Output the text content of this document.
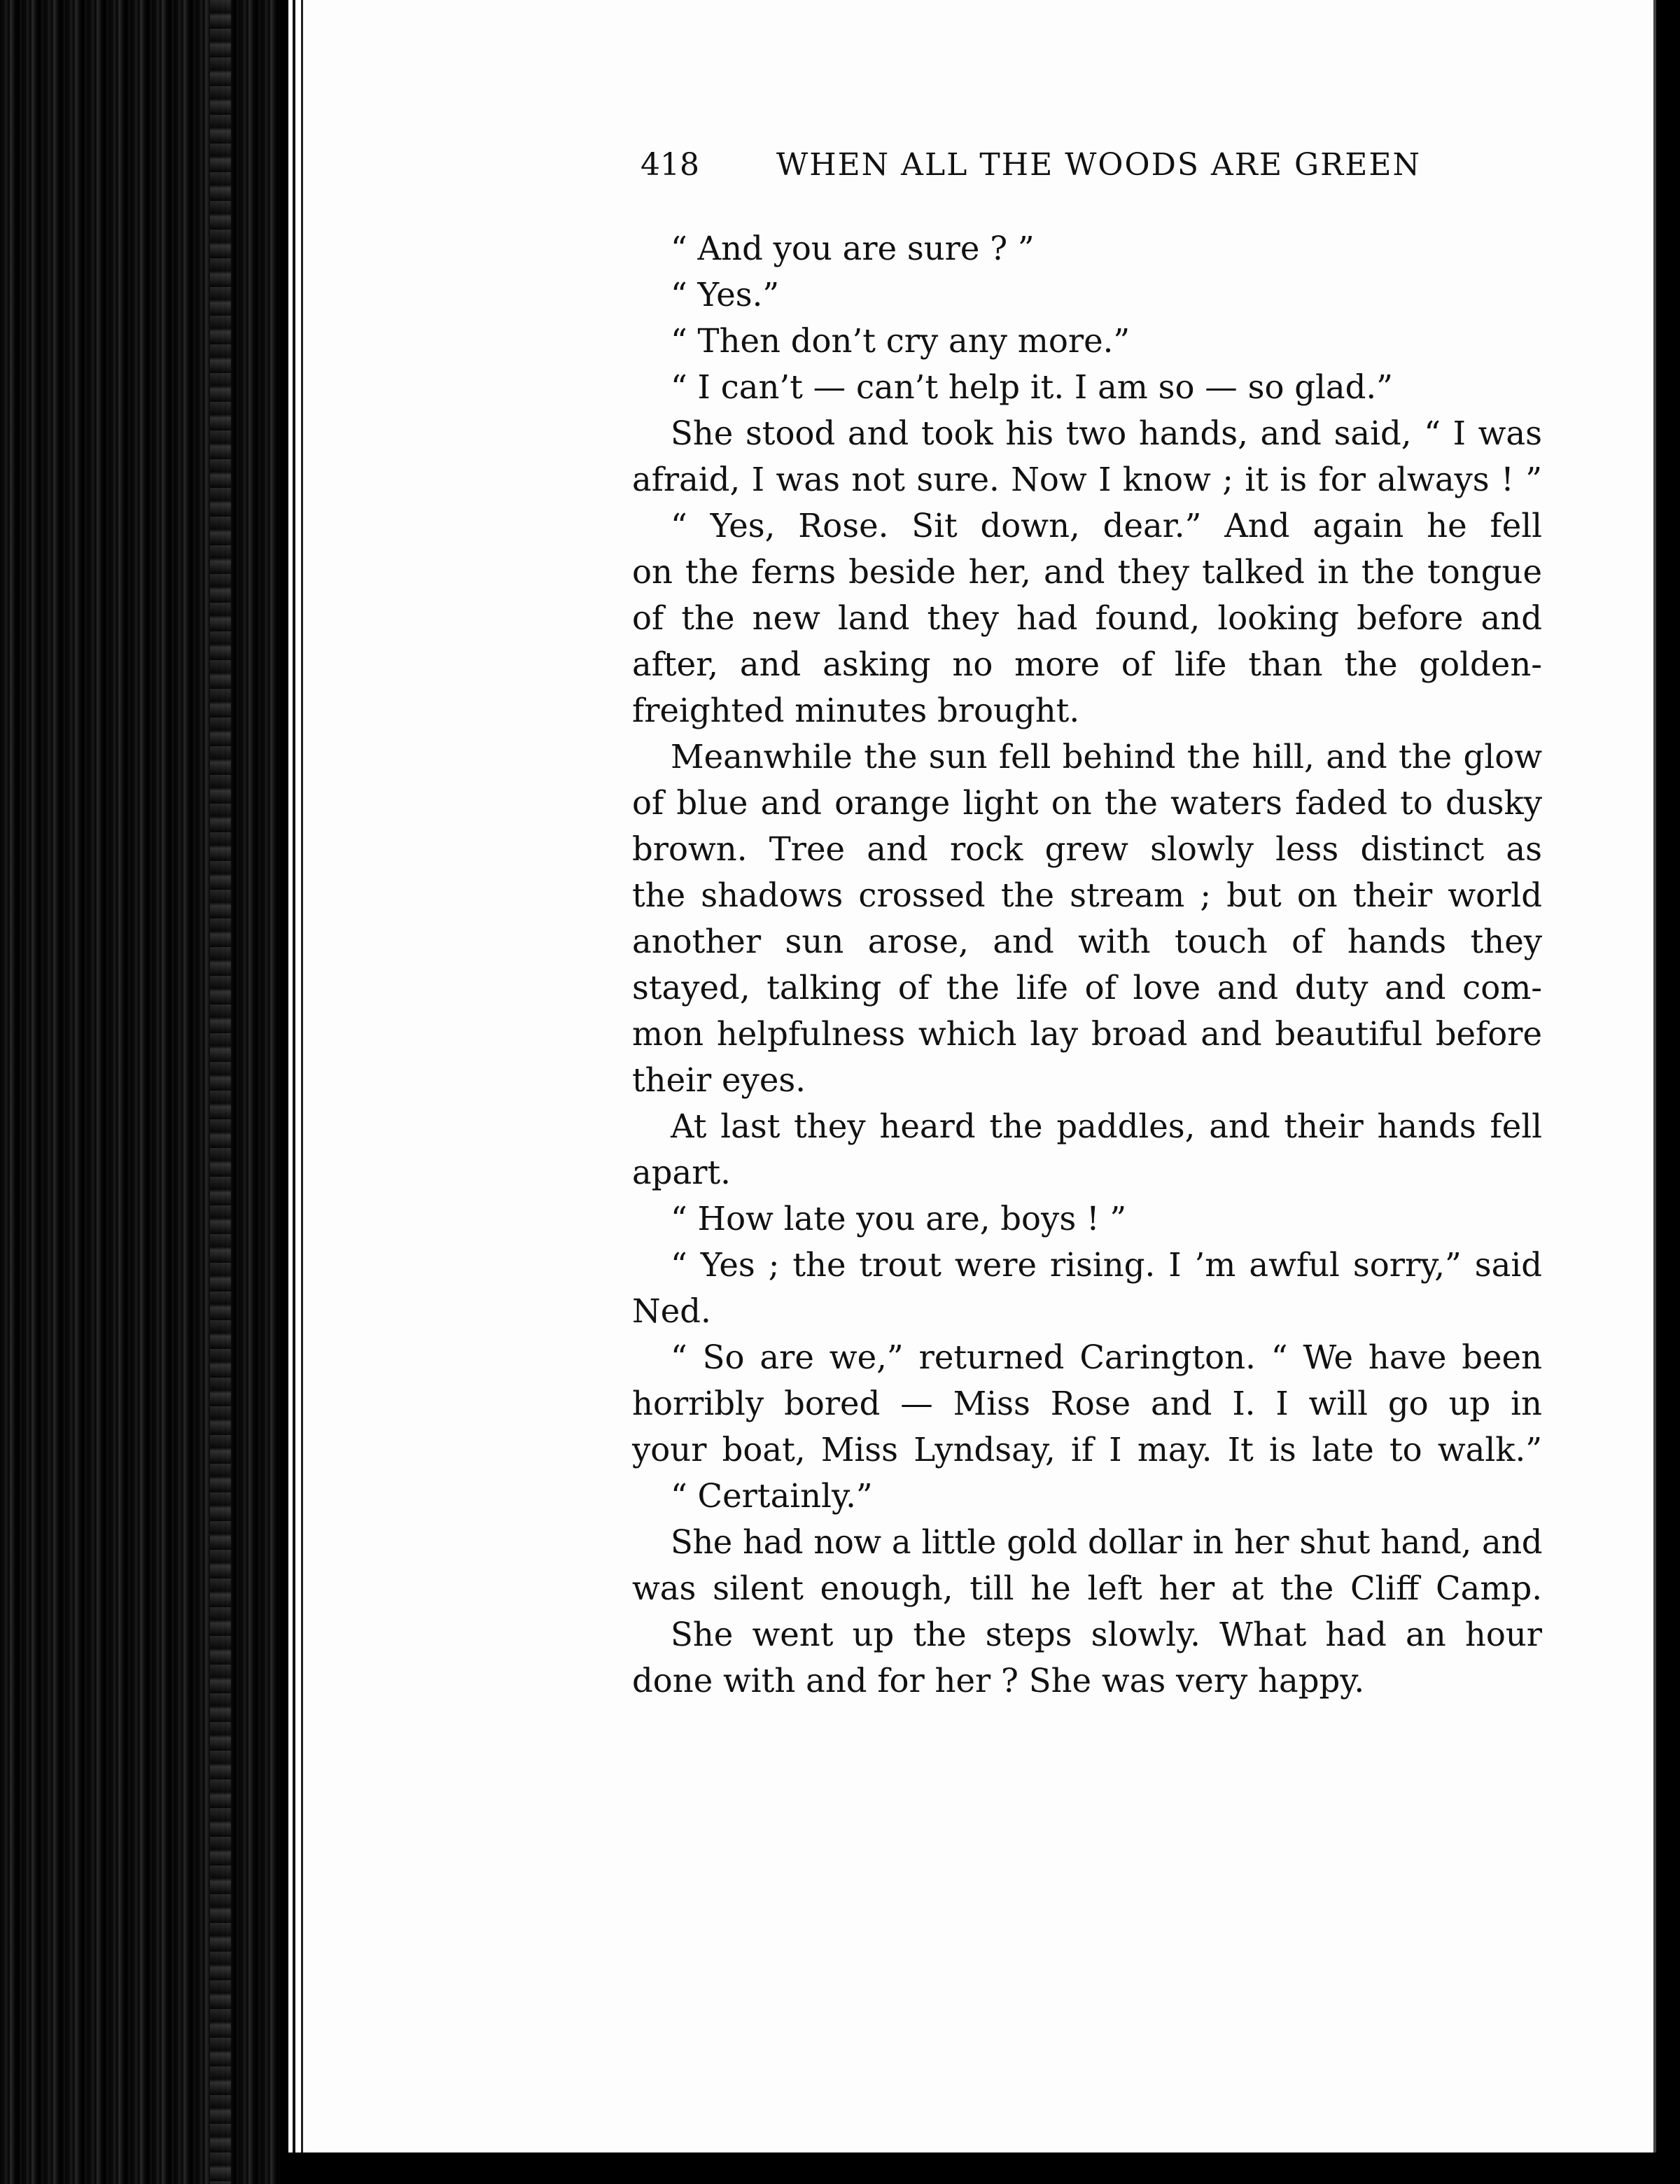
418 WHEN ALL THE WOODS ARE GREEN
“ And you are sure ? ”
“ Yes.”
“ Then don’t cry any more.”
“ I can’t — can’t help it. I am so — so glad.”
She stood and took his two hands, and said, “ I was
afraid, I was not sure. Now I know ; it is for always ! ”
“ Yes, Rose. Sit down, dear.” And again he fell
on the ferns beside her, and they talked in the tongue
of the new land they had found, looking before and
after, and asking no more of life than the golden-
freighted minutes brought.
Meanwhile the sun fell behind the hill, and the glow
of blue and orange light on the waters faded to dusky
brown. Tree and rock grew slowly less distinct as
the shadows crossed the stream ; but on their world
another sun arose, and with touch of hands they
stayed, talking of the life of love and duty and com-
mon helpfulness which lay broad and beautiful before
their eyes.
At last they heard the paddles, and their hands fell
apart.
“ How late you are, boys ! ”
“ Yes ; the trout were rising. I ’m awful sorry,” said
Ned.
“ So are we,” returned Carington. “ We have been
horribly bored — Miss Rose and I. I will go up in
your boat, Miss Lyndsay, if I may. It is late to walk.”
“ Certainly.”
She had now a little gold dollar in her shut hand, and
was silent enough, till he left her at the Cliff Camp.
She went up the steps slowly. What had an hour
done with and for her ? She was very happy.
